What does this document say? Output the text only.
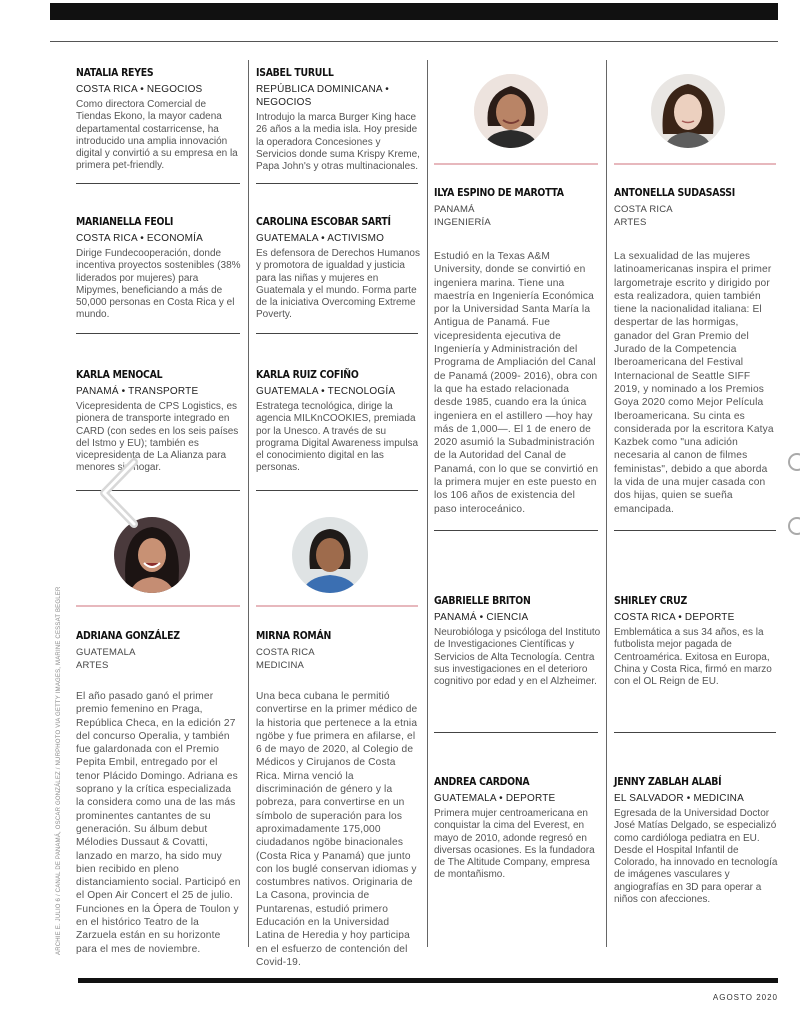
NATALIA REYES
COSTA RICA • NEGOCIOS
Como directora Comercial de Tiendas Ekono, la mayor cadena departamental costarricense, ha introducido una amplia innovación digital y convirtió a su empresa en la primera pet-friendly.
ISABEL TURULL
REPÚBLICA DOMINICANA • NEGOCIOS
Introdujo la marca Burger King hace 26 años a la media isla. Hoy preside la operadora Concesiones y Servicios donde suma Krispy Kreme, Papa John's y otras multinacionales.
MARIANELLA FEOLI
COSTA RICA • ECONOMÍA
Dirige Fundecooperación, donde incentiva proyectos sostenibles (38% liderados por mujeres) para Mipymes, beneficiando a más de 50,000 personas en Costa Rica y el mundo.
CAROLINA ESCOBAR SARTÍ
GUATEMALA • ACTIVISMO
Es defensora de Derechos Humanos y promotora de igualdad y justicia para las niñas y mujeres en Guatemala y el mundo. Forma parte de la iniciativa Overcoming Extreme Poverty.
KARLA MENOCAL
PANAMÁ • TRANSPORTE
Vicepresidenta de CPS Logistics, es pionera de transporte integrado en CARD (con sedes en los seis países del Istmo y EU); también es vicepresidenta de La Alianza para menores sin hogar.
KARLA RUIZ COFIÑO
GUATEMALA • TECNOLOGÍA
Estratega tecnológica, dirige la agencia MILKnCOOKIES, premiada por la Unesco. A través de su programa Digital Awareness impulsa el conocimiento digital en las personas.
ILYA ESPINO DE MAROTTA
PANAMÁ
INGENIERÍA
Estudió en la Texas A&M University, donde se convirtió en ingeniera marina. Tiene una maestría en Ingeniería Económica por la Universidad Santa María la Antigua de Panamá. Fue vicepresidenta ejecutiva de Ingeniería y Administración del Programa de Ampliación del Canal de Panamá (2009- 2016), obra con la que ha estado relacionada desde 1985, cuando era la única ingeniera en el astillero —hoy hay más de 1,000—. El 1 de enero de 2020 asumió la Subadministración de la Autoridad del Canal de Panamá, con lo que se convirtió en la primera mujer en este puesto en los 106 años de existencia del paso interoceánico.
ANTONELLA SUDASASSI
COSTA RICA
ARTES
La sexualidad de las mujeres latinoamericanas inspira el primer largometraje escrito y dirigido por esta realizadora, quien también tiene la nacionalidad italiana: El despertar de las hormigas, ganador del Gran Premio del Jurado de la Competencia Iberoamericana del Festival Internacional de Seattle SIFF 2019, y nominado a los Premios Goya 2020 como Mejor Película Iberoamericana. Su cinta es considerada por la escritora Katya Kazbek como "una adición necesaria al canon de filmes feministas", debido a que aborda la vida de una mujer casada con dos hijas, quien se sueña emancipada.
ADRIANA GONZÁLEZ
GUATEMALA
ARTES
El año pasado ganó el primer premio femenino en Praga, República Checa, en la edición 27 del concurso Operalia, y también fue galardonada con el Premio Pepita Embil, entregado por el tenor Plácido Domingo. Adriana es soprano y la crítica especializada la considera como una de las más prominentes cantantes de su generación. Su álbum debut Mélodies Dussaut & Covatti, lanzado en marzo, ha sido muy bien recibido en pleno distanciamiento social. Participó en el Open Air Concert el 25 de julio. Funciones en la Ópera de Toulon y en el histórico Teatro de la Zarzuela están en su horizonte para el mes de noviembre.
MIRNA ROMÁN
COSTA RICA
MEDICINA
Una beca cubana le permitió convertirse en la primer médico de la historia que pertenece a la etnia ngöbe y fue primera en afilarse, el 6 de mayo de 2020, al Colegio de Médicos y Cirujanos de Costa Rica. Mirna venció la discriminación de género y la pobreza, para convertirse en un símbolo de superación para los aproximadamente 175,000 ciudadanos ngöbe binacionales (Costa Rica y Panamá) que junto con los buglé conservan idiomas y costumbres nativos. Originaria de La Casona, provincia de Puntarenas, estudió primero Educación en la Universidad Latina de Heredia y hoy participa en el esfuerzo de contención del Covid-19.
GABRIELLE BRITON
PANAMÁ • CIENCIA
Neurobióloga y psicóloga del Instituto de Investigaciones Científicas y Servicios de Alta Tecnología. Centra sus investigaciones en el deterioro cognitivo por edad y en el Alzheimer.
SHIRLEY CRUZ
COSTA RICA • DEPORTE
Emblemática a sus 34 años, es la futbolista mejor pagada de Centroamérica. Exitosa en Europa, China y Costa Rica, firmó en marzo con el OL Reign de EU.
ANDREA CARDONA
GUATEMALA • DEPORTE
Primera mujer centroamericana en conquistar la cima del Everest, en mayo de 2010, adonde regresó en diversas ocasiones. Es la fundadora de The Altitude Company, empresa de montañismo.
JENNY ZABLAH ALABÍ
EL SALVADOR • MEDICINA
Egresada de la Universidad Doctor José Matías Delgado, se especializó como cardióloga pediatra en EU. Desde el Hospital Infantil de Colorado, ha innovado en tecnología de imágenes vasculares y angiografías en 3D para operar a niños con afecciones.
ARCHIE E. JULIO 6 / CANAL DE PANAMÁ, OSCAR GONZÁLEZ / NURPHOTO VIA GETTY IMAGES, MARINE CESSAT BEGLER
AGOSTO 2020
